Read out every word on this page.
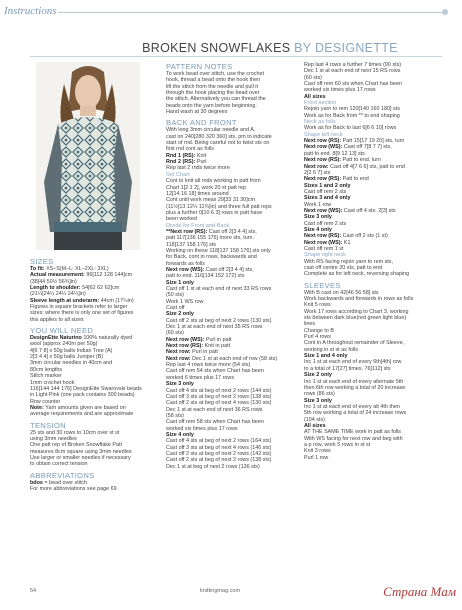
Instructions
BROKEN SNOWFLAKES BY DESIGNETTE
SIZES

To fit: XS–S(M–L: XL–2XL: 3XL)

Actual measurement: 96[112 128 144]cm

(38[44 50½ 56¾]in)

Length to shoulder: 54[62 62 62]cm

(21¼[24¼ 24¼ 24¼]in)

Sleeve length at underarm: 44cm (17¼in)

Figures in square brackets refer to larger

sizes; where there is only one set of figures

this applies to all sizes

YOU WILL NEED

DesignEtte Naturino 100% naturally dyed

wool (approx 240m per 50g)

4[6 7 8] x 50g balls Indian Tree (A)

2[3 4 4] x 50g balls Juniper (B)

3mm circular needles in 40cm and

80cm lengths

Stitch marker

1mm crochet hook

116[144 144 176] DesignEtte Swarovski beads

in Light Pink (one pack contains 300 beads)

Row counter

Note: Yarn amounts given are based on

average requirements and are approximate

TENSION

25 sts and 30 rows to 10cm over st st

using 3mm needles

One patt rep of Broken Snowflake Patt

measures 8cm square using 3mm needles

Use larger or smaller needles if necessary

to obtain correct tension

ABBREVIATIONS

bdos = bead over stitch

For more abbreviations see page 69

PATTERN NOTES

To work bead over stitch, use the crochet

hook, thread a bead onto the hook then

lift the stitch from the needle and pull it

through the hook placing the bead over

the stitch. Alternatively you can thread the

beads onto the yarn before beginning.

Hand wash at 30 degrees

BACK AND FRONT

With long 3mm circular needle and A,

cast on 240[280 320 360] sts, pm to indicate

start of rnd. Being careful not to twist sts on

first rnd cont as folls

Rnd 1 (RS): Knit

Rnd 2 (RS): Purl

Rep last 2 rnds twice more

Set Chart

Cont to knit all rnds working in patt from

Chart 1[2 1 2], work 20 st patt rep

12[14 16 18] times around

Cont until work meas 29[33 31 30]cm

(11½[13 12¼ 11¾]in) and three full patt reps

plus a further 0[10 6 3] rows in patt have

been worked

Divide for Front and Back

**Next row (RS): Cast off 2[3 4 4] sts,

patt 117[136 155 175] more sts, turn.

118[137 158 176] sts

Working on these 118[137 158 176] sts only

for Back, cont in rows, backwards and

forwards as folls

Next row (WS): Cast off 2[3 4 4] sts,

patt to end. 116[134 152 172] sts

Size 1 only

Cast off 1 st at each end of next 33 RS rows

(50 sts)

Work 1 WS row

Cast off

Size 2 only

Cast off 2 sts at beg of next 2 rows (130 sts)

Dec 1 st at each end of next 35 RS rows

(60 sts)

Next row (WS): Purl in patt

Next row (RS): Knit in patt

Next row: Purl in patt

Next row: Dec 1 st at each end of row (58 sts)

Rep last 4 rows twice more (54 sts)

Cast off rem 54 sts when Chart has been

worked 6 times plus 17 rows

Size 3 only

Cast off 4 sts at beg of next 2 rows (144 sts)

Cast off 3 sts at beg of next 2 rows (138 sts)

Cast off 2 sts at beg of next 4 rows (130 sts)

Dec 1 st at each end of next 36 RS rows

(58 sts)

Cast off rem 58 sts when Chart has been

worked six times plus 17 rows

Size 4 only

Cast off 4 sts at beg of next 2 rows (164 sts)

Cast off 3 sts at beg of next 4 rows (146 sts)

Cast off 2 sts at beg of next 2 rows (142 sts)

Cast off 2 sts at beg of next 2 rows (138 sts)

Dec 1 st at beg of next 2 rows (136 sts)

Rep last 4 rows a further 7 times (90 sts)

Dec 1 st at each end of next 15 RS rows

(60 sts)

Cast off rem 60 sts when Chart has been

worked six times plus 17 rows

All sizes

Front section

Rejoin yarn to rem 120[140 160 180] sts

Work as for Back from ** to end shaping

Neck as folls

Work as for Back to last 6[6 6 10] rows

Shape left neck

Next row (RS): Patt 15[17 19 20] sts, turn

Next row (WS): Cast off 7[8 7 7] sts,

patt to end. 8[9 12 13] sts

Next row (RS): Patt to end, turn

Next row: Cast off 4[7 6 6] sts, patt to end

2[2 6 7] sts

Next row (RS): Patt to end

Sizes 1 and 2 only

Cast off rem 2 sts

Sizes 3 and 4 only

Work 1 row

Next row (WS): Cast off 4 sts. 2[3] sts

Size 3 only

Cast off rem 2 sts

Size 4 only

Next row (RS): Cast off 2 sts (1 st)

Next row (WS): K1

Cast off rem 1 st

Shape right neck

With RS facing rejoin yarn to rem sts,

cast off centre 20 sts, patt to end

Complete as for left neck, reversing shaping

SLEEVES

With B cast on 42[46 56 58] sts

Work backwards and forwards in rows as folls

Knit 5 rows

Work 17 rows according to Chart 3, working

sts between dark blue(red green light blue)

lines

Change to B

Purl 4 rows

Cont in A throughout remainder of Sleeve,

working in st st as folls

Size 1 and 4 only

Inc 1 st at each end of every 6th[4th] row

to a total of 17[27] times. 76[112] sts

Size 2 only

Inc 1 st at each end of every alternate 5th

then 6th row working a total of 20 increase

rows (86 sts)

Size 3 only

Inc 1 st at each end of every alt 4th then

5th row working a total of 24 increase rows

(104 sts)

All sizes

AT THE SAME TIME work in patt as folls

With WS facing for next row and beg with

a p row, work 5 rows in st st

Knit 3 rows

Purl 1 row

54	knittingmag.com	Страна Мам
